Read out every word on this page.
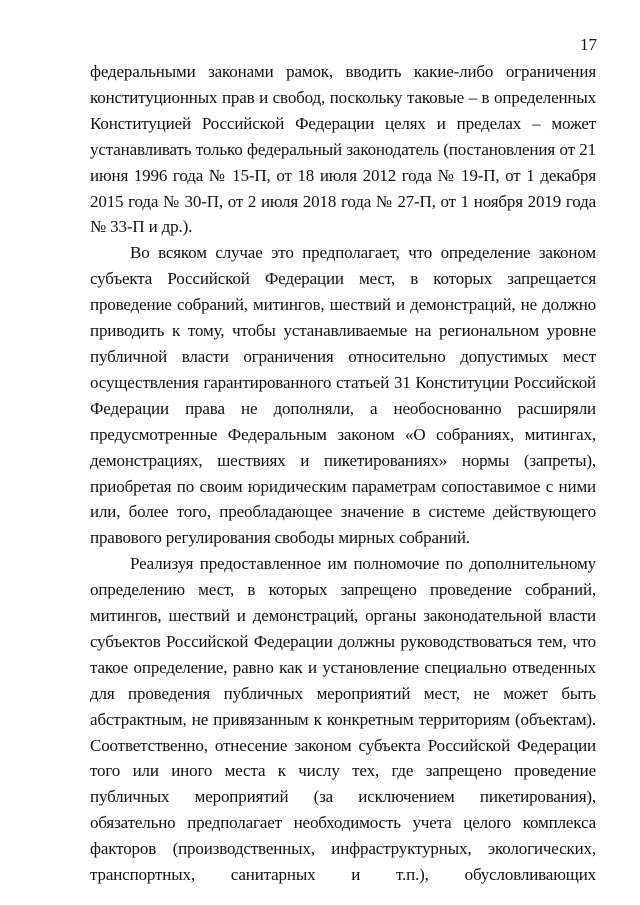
17

федеральными законами рамок, вводить какие-либо ограничения конституционных прав и свобод, поскольку таковые – в определенных Конституцией Российской Федерации целях и пределах – может устанавливать только федеральный законодатель (постановления от 21 июня 1996 года № 15-П, от 18 июля 2012 года № 19-П, от 1 декабря 2015 года № 30-П, от 2 июля 2018 года № 27-П, от 1 ноября 2019 года № 33-П и др.).

Во всяком случае это предполагает, что определение законом субъекта Российской Федерации мест, в которых запрещается проведение собраний, митингов, шествий и демонстраций, не должно приводить к тому, чтобы устанавливаемые на региональном уровне публичной власти ограничения относительно допустимых мест осуществления гарантированного статьей 31 Конституции Российской Федерации права не дополняли, а необоснованно расширяли предусмотренные Федеральным законом «О собраниях, митингах, демонстрациях, шествиях и пикетированиях» нормы (запреты), приобретая по своим юридическим параметрам сопоставимое с ними или, более того, преобладающее значение в системе действующего правового регулирования свободы мирных собраний.

Реализуя предоставленное им полномочие по дополнительному определению мест, в которых запрещено проведение собраний, митингов, шествий и демонстраций, органы законодательной власти субъектов Российской Федерации должны руководствоваться тем, что такое определение, равно как и установление специально отведенных для проведения публичных мероприятий мест, не может быть абстрактным, не привязанным к конкретным территориям (объектам). Соответственно, отнесение законом субъекта Российской Федерации того или иного места к числу тех, где запрещено проведение публичных мероприятий (за исключением пикетирования), обязательно предполагает необходимость учета целого комплекса факторов (производственных, инфраструктурных, экологических, транспортных, санитарных и т.п.), обусловливающих
